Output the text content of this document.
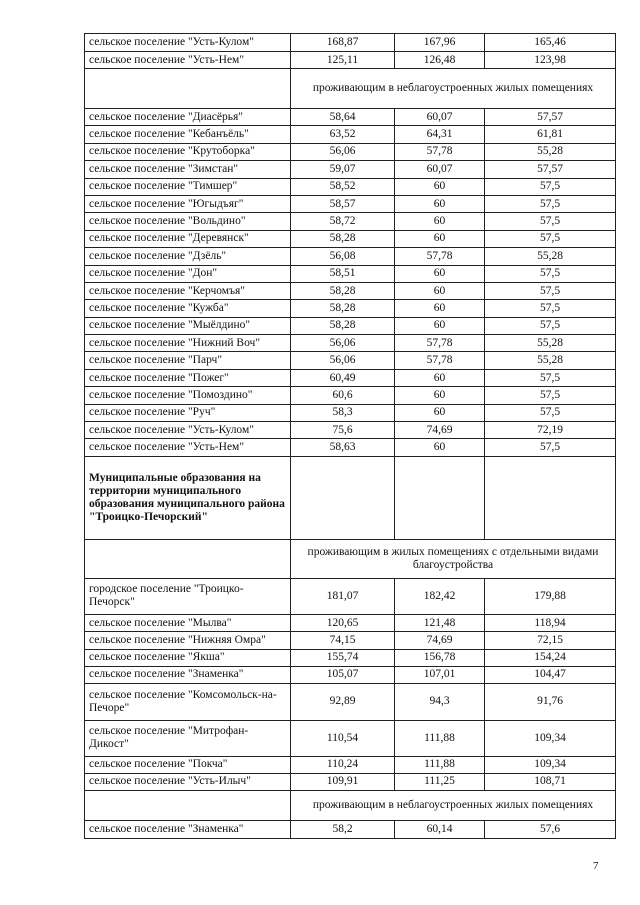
сельское поселение "Усть-Кулом"	168,87	167,96	165,46
сельское поселение "Усть-Нем"	125,11	126,48	123,98
	проживающим в неблагоустроенных жилых помещениях		
сельское поселение "Диасёрья"	58,64	60,07	57,57
сельское поселение "Кебанъёль"	63,52	64,31	61,81
сельское поселение "Крутоборка"	56,06	57,78	55,28
сельское поселение "Зимстан"	59,07	60,07	57,57
сельское поселение "Тимшер"	58,52	60	57,5
сельское поселение "Югыдъяг"	58,57	60	57,5
сельское поселение "Вольдино"	58,72	60	57,5
сельское поселение "Деревянск"	58,28	60	57,5
сельское поселение "Дзёль"	56,08	57,78	55,28
сельское поселение "Дон"	58,51	60	57,5
сельское поселение "Керчомъя"	58,28	60	57,5
сельское поселение "Кужба"	58,28	60	57,5
сельское поселение "Мыёлдино"	58,28	60	57,5
сельское поселение "Нижний Воч"	56,06	57,78	55,28
сельское поселение "Парч"	56,06	57,78	55,28
сельское поселение "Пожег"	60,49	60	57,5
сельское поселение "Помоздино"	60,6	60	57,5
сельское поселение "Руч"	58,3	60	57,5
сельское поселение "Усть-Кулом"	75,6	74,69	72,19
сельское поселение "Усть-Нем"	58,63	60	57,5
Муниципальные образования на территории муниципального образования муниципального района "Троицко-Печорский"			
	проживающим в жилых помещениях с отдельными видами благоустройства		
городское поселение "Троицко-Печорск"	181,07	182,42	179,88
сельское поселение "Мылва"	120,65	121,48	118,94
сельское поселение "Нижняя Омра"	74,15	74,69	72,15
сельское поселение "Якша"	155,74	156,78	154,24
сельское поселение "Знаменка"	105,07	107,01	104,47
сельское поселение "Комсомольск-на-Печоре"	92,89	94,3	91,76
сельское поселение "Митрофан-Дикост"	110,54	111,88	109,34
сельское поселение "Покча"	110,24	111,88	109,34
сельское поселение "Усть-Илыч"	109,91	111,25	108,71
	проживающим в неблагоустроенных жилых помещениях		
сельское поселение "Знаменка"	58,2	60,14	57,6
7
